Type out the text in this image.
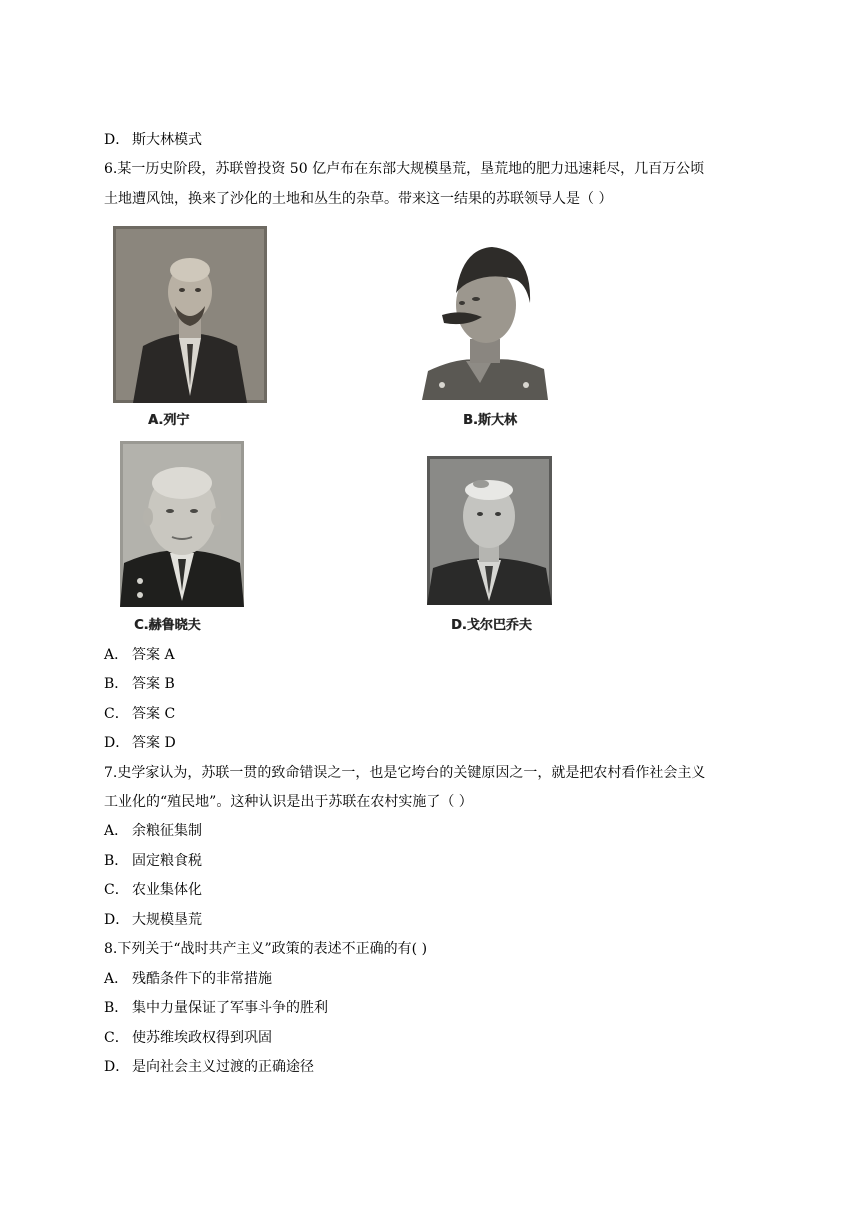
D． 斯大林模式
6.某一历史阶段，苏联曾投资 50 亿卢布在东部大规模垦荒，垦荒地的肥力迅速耗尽，几百万公顷
土地遭风蚀，换来了沙化的土地和丛生的杂草。带来这一结果的苏联领导人是（ ）
A.列宁	B.斯大林
C.赫鲁晓夫	D.戈尔巴乔夫
A． 答案 A
B． 答案 B
C． 答案 C
D． 答案 D
7.史学家认为，苏联一贯的致命错误之一，也是它垮台的关键原因之一，就是把农村看作社会主义
工业化的“殖民地”。这种认识是出于苏联在农村实施了（ ）
A． 余粮征集制
B． 固定粮食税
C． 农业集体化
D． 大规模垦荒
8.下列关于“战时共产主义”政策的表述不正确的有( )
A． 残酷条件下的非常措施
B． 集中力量保证了军事斗争的胜利
C． 使苏维埃政权得到巩固
D． 是向社会主义过渡的正确途径
